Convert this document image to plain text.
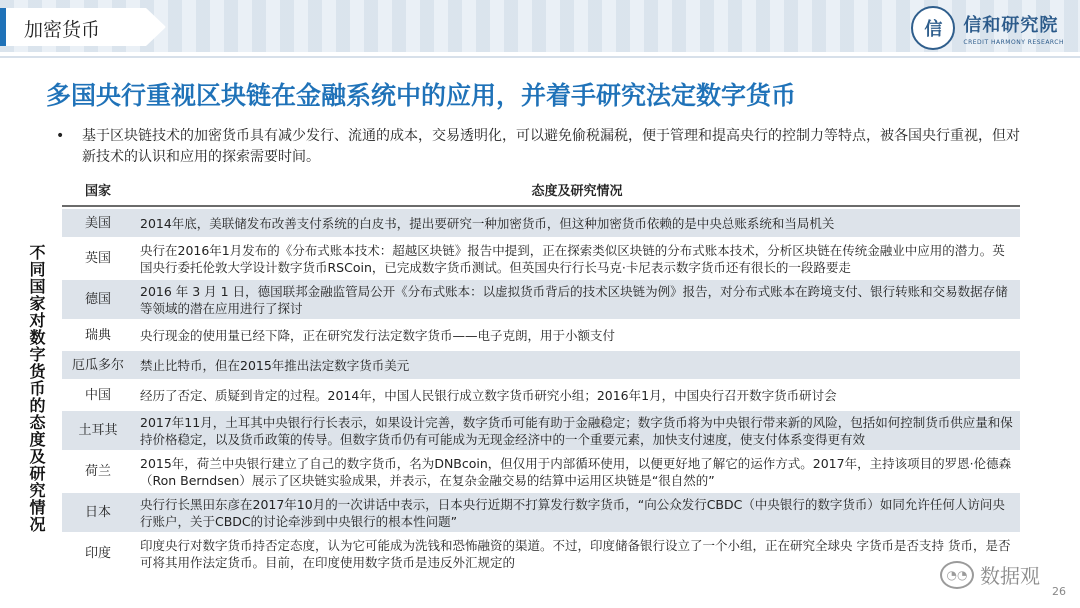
加密货币	信	信和研究院
CREDIT HARMONY RESEARCH
多国央行重视区块链在金融系统中的应用，并着手研究法定数字货币
• 基于区块链技术的加密货币具有减少发行、流通的成本，交易透明化，可以避免偷税漏税，便于管理和提高央行的控制力等特点，被各国央行重视，但对新技术的认识和应用的探索需要时间。
不同国家对数字货币的态度及研究情况
国家	态度及研究情况
美国	2014年底，美联储发布改善支付系统的白皮书，提出要研究一种加密货币，但这种加密货币依赖的是中央总账系统和当局机关
英国	央行在2016年1月发布的《分布式账本技术：超越区块链》报告中提到，正在探索类似区块链的分布式账本技术，分析区块链在传统金融业中应用的潜力。英国央行委托伦敦大学设计数字货币RSCoin，已完成数字货币测试。但英国央行行长马克·卡尼表示数字货币还有很长的一段路要走
德国	2016 年 3 月 1 日，德国联邦金融监管局公开《分布式账本：以虚拟货币背后的技术区块链为例》报告，对分布式账本在跨境支付、银行转账和交易数据存储等领域的潜在应用进行了探讨
瑞典	央行现金的使用量已经下降，正在研究发行法定数字货币——电子克朗，用于小额支付
厄瓜多尔	禁止比特币，但在2015年推出法定数字货币美元
中国	经历了否定、质疑到肯定的过程。2014年，中国人民银行成立数字货币研究小组；2016年1月，中国央行召开数字货币研讨会
土耳其	2017年11月，土耳其中央银行行长表示，如果设计完善，数字货币可能有助于金融稳定；数字货币将为中央银行带来新的风险，包括如何控制货币供应量和保持价格稳定，以及货币政策的传导。但数字货币仍有可能成为无现金经济中的一个重要元素，加快支付速度，使支付体系变得更有效
荷兰	2015年，荷兰中央银行建立了自己的数字货币，名为DNBcoin，但仅用于内部循环使用，以便更好地了解它的运作方式。2017年，主持该项目的罗恩·伦德森（Ron Berndsen）展示了区块链实验成果，并表示，在复杂金融交易的结算中运用区块链是“很自然的”
日本	央行行长黑田东彦在2017年10月的一次讲话中表示，日本央行近期不打算发行数字货币，“向公众发行CBDC（中央银行的数字货币）如同允许任何人访问央行账户，关于CBDC的讨论牵涉到中央银行的根本性问题”
印度	印度央行对数字货币持否定态度，认为它可能成为洗钱和恐怖融资的渠道。不过，印度储备银行设立了一个小组，正在研究全球央 字货币是否支持 货币，是否可将其用作法定货币。目前，在印度使用数字货币是违反外汇规定的
◔◔ 数据观
26
